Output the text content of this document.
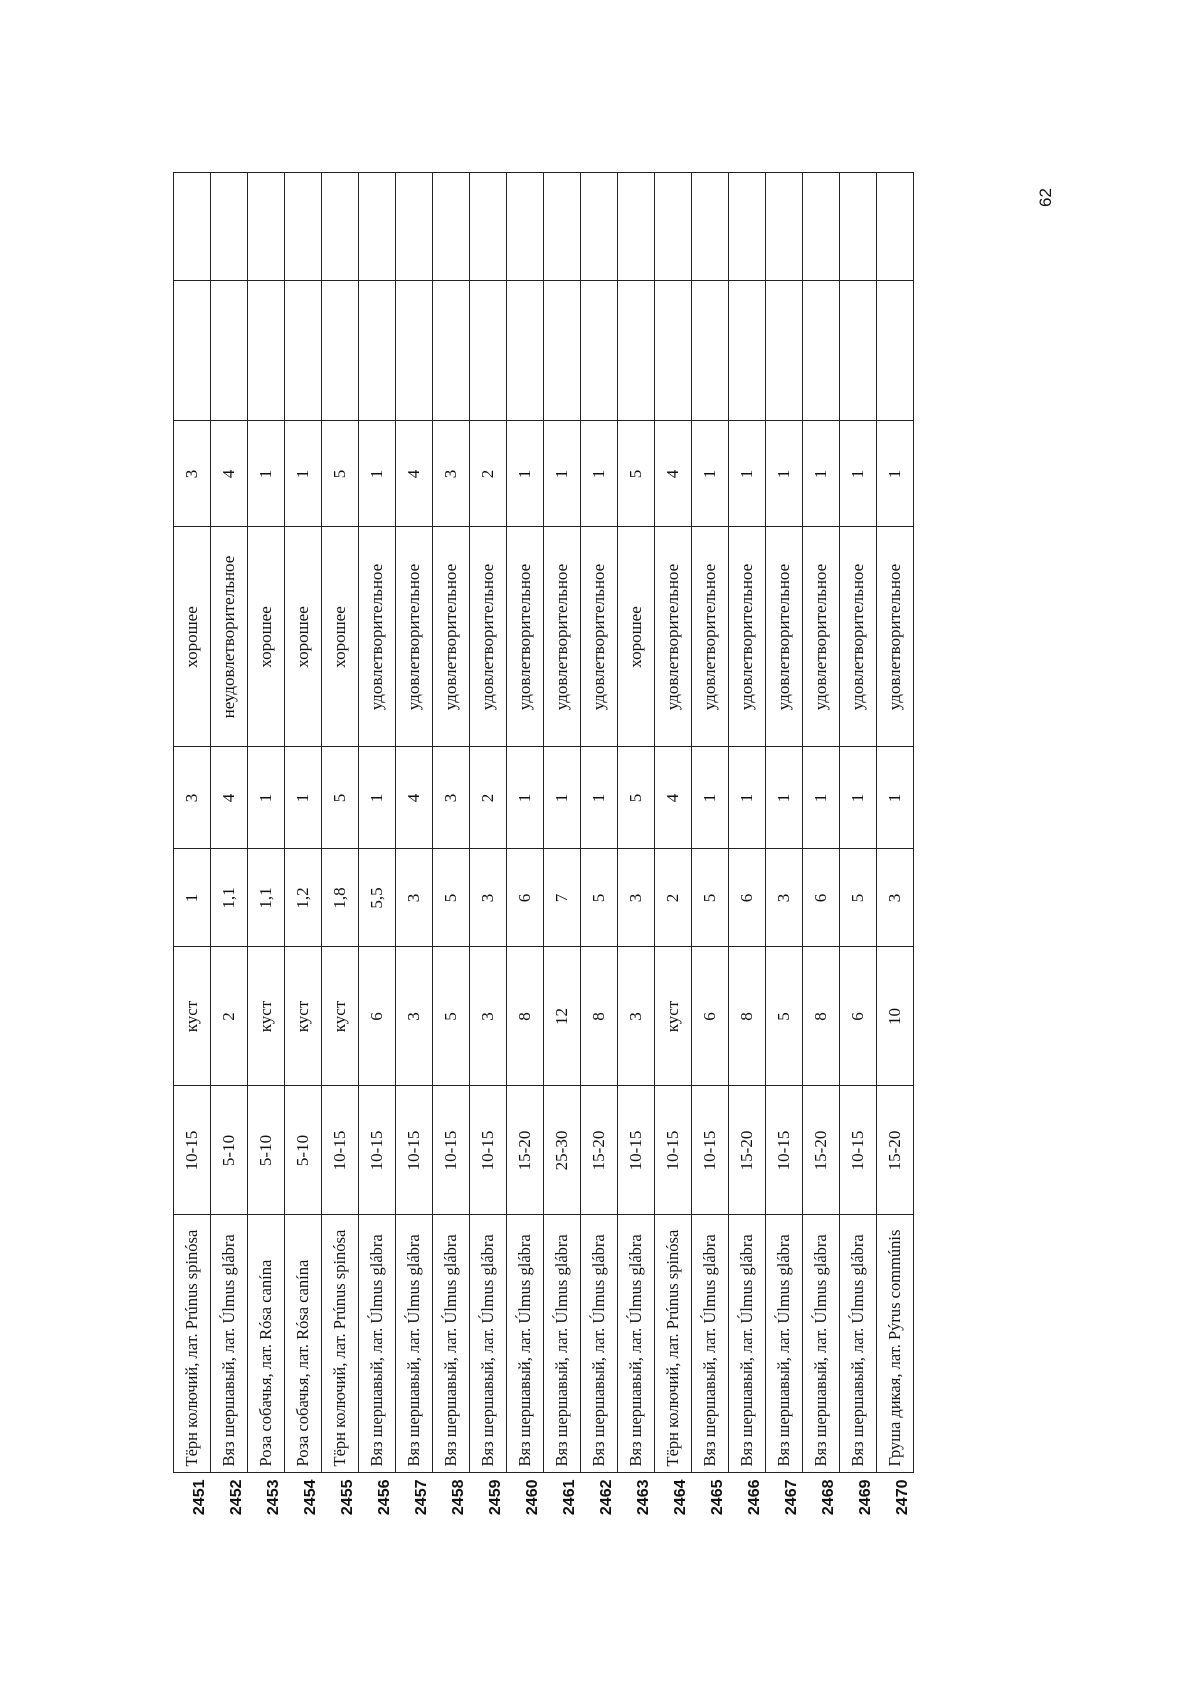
2451	Тёрн колючий, лат. Prúnus spinósa	10-15	куст	1	3	хорошее	3		
2452	Вяз шершавый, лат. Úlmus glábra	5-10	2	1,1	4	неудовлетворительное	4		
2453	Роза собачья, лат. Rósa canína	5-10	куст	1,1	1	хорошее	1		
2454	Роза собачья, лат. Rósa canína	5-10	куст	1,2	1	хорошее	1		
2455	Тёрн колючий, лат. Prúnus spinósa	10-15	куст	1,8	5	хорошее	5		
2456	Вяз шершавый, лат. Úlmus glábra	10-15	6	5,5	1	удовлетворительное	1		
2457	Вяз шершавый, лат. Úlmus glábra	10-15	3	3	4	удовлетворительное	4		
2458	Вяз шершавый, лат. Úlmus glábra	10-15	5	5	3	удовлетворительное	3		
2459	Вяз шершавый, лат. Úlmus glábra	10-15	3	3	2	удовлетворительное	2		
2460	Вяз шершавый, лат. Úlmus glábra	15-20	8	6	1	удовлетворительное	1		
2461	Вяз шершавый, лат. Úlmus glábra	25-30	12	7	1	удовлетворительное	1		
2462	Вяз шершавый, лат. Úlmus glábra	15-20	8	5	1	удовлетворительное	1		
2463	Вяз шершавый, лат. Úlmus glábra	10-15	3	3	5	хорошее	5		
2464	Тёрн колючий, лат. Prúnus spinósa	10-15	куст	2	4	удовлетворительное	4		
2465	Вяз шершавый, лат. Úlmus glábra	10-15	6	5	1	удовлетворительное	1		
2466	Вяз шершавый, лат. Úlmus glábra	15-20	8	6	1	удовлетворительное	1		
2467	Вяз шершавый, лат. Úlmus glábra	10-15	5	3	1	удовлетворительное	1		
2468	Вяз шершавый, лат. Úlmus glábra	15-20	8	6	1	удовлетворительное	1		
2469	Вяз шершавый, лат. Úlmus glábra	10-15	6	5	1	удовлетворительное	1		
2470	Груша дикая, лат. Pýrus commúnis	15-20	10	3	1	удовлетворительное	1		
62
